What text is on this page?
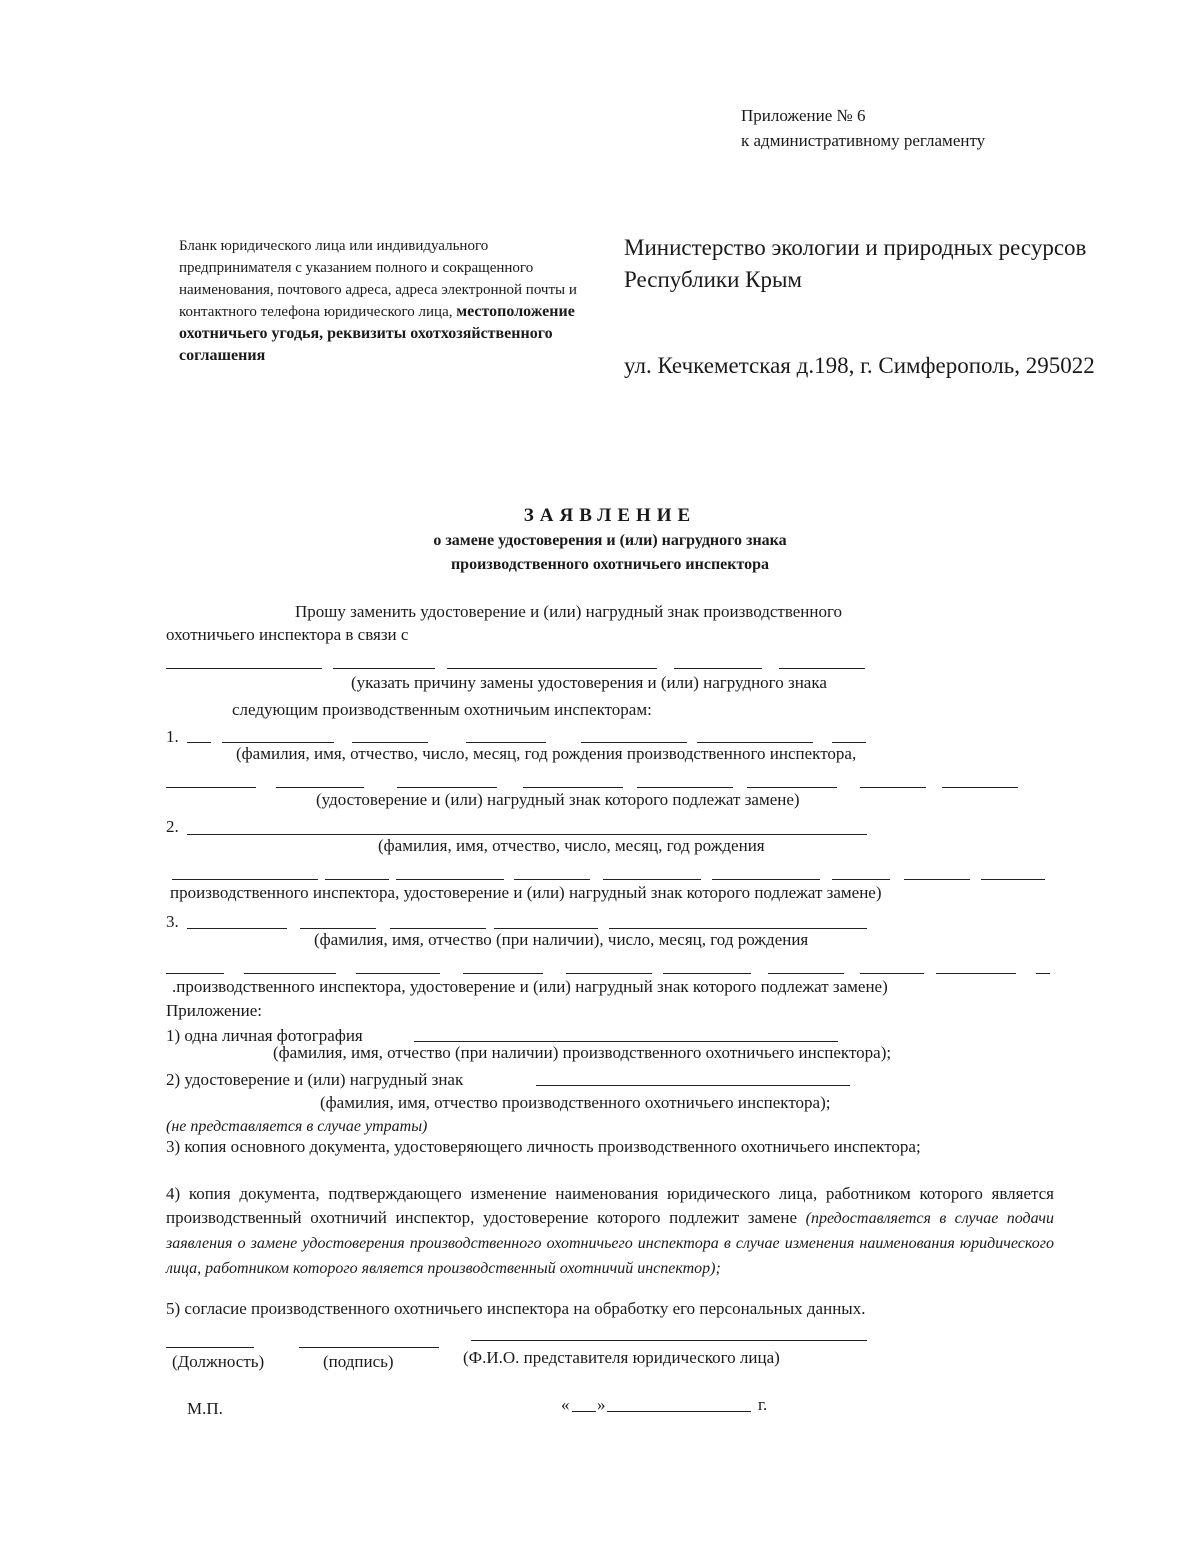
Приложение № 6
к административному регламенту
Бланк юридического лица или индивидуального предпринимателя с указанием полного и сокращенного наименования, почтового адреса, адреса электронной почты и контактного телефона юридического лица, местоположение охотничьего угодья, реквизиты охотхозяйственного соглашения
Министерство экологии и природных ресурсов Республики Крым
ул. Кечкеметская д.198, г. Симферополь, 295022
ЗАЯВЛЕНИЕ
о замене удостоверения и (или) нагрудного знака
производственного охотничьего инспектора
Прошу заменить удостоверение и (или) нагрудный знак производственного
охотничьего инспектора в связи с
(указать причину замены удостоверения и (или) нагрудного знака
следующим производственным охотничьим инспекторам:
1.
(фамилия, имя, отчество, число, месяц, год рождения производственного инспектора,
(удостоверение и (или) нагрудный знак которого подлежат замене)
2.
(фамилия, имя, отчество, число, месяц, год рождения
производственного инспектора, удостоверение и (или) нагрудный знак которого подлежат замене)
3.
(фамилия, имя, отчество (при наличии), число, месяц, год рождения
.производственного инспектора, удостоверение и (или) нагрудный знак которого подлежат замене)
Приложение:
1) одна личная фотография
(фамилия, имя, отчество (при наличии) производственного охотничьего инспектора);
2) удостоверение и (или) нагрудный знак
(фамилия, имя, отчество производственного охотничьего инспектора);
(не представляется в случае утраты)
3) копия основного документа, удостоверяющего личность производственного охотничьего инспектора;
4) копия документа, подтверждающего изменение наименования юридического лица, работником которого является производственный охотничий инспектор, удостоверение которого подлежит замене (предоставляется в случае подачи заявления о замене удостоверения производственного охотничьего инспектора в случае изменения наименования юридического лица, работником которого является производственный охотничий инспектор);
5) согласие производственного охотничьего инспектора на обработку его персональных данных.
(Должность)	(подпись)	(Ф.И.О. представителя юридического лица)
М.П.	« »	г.
